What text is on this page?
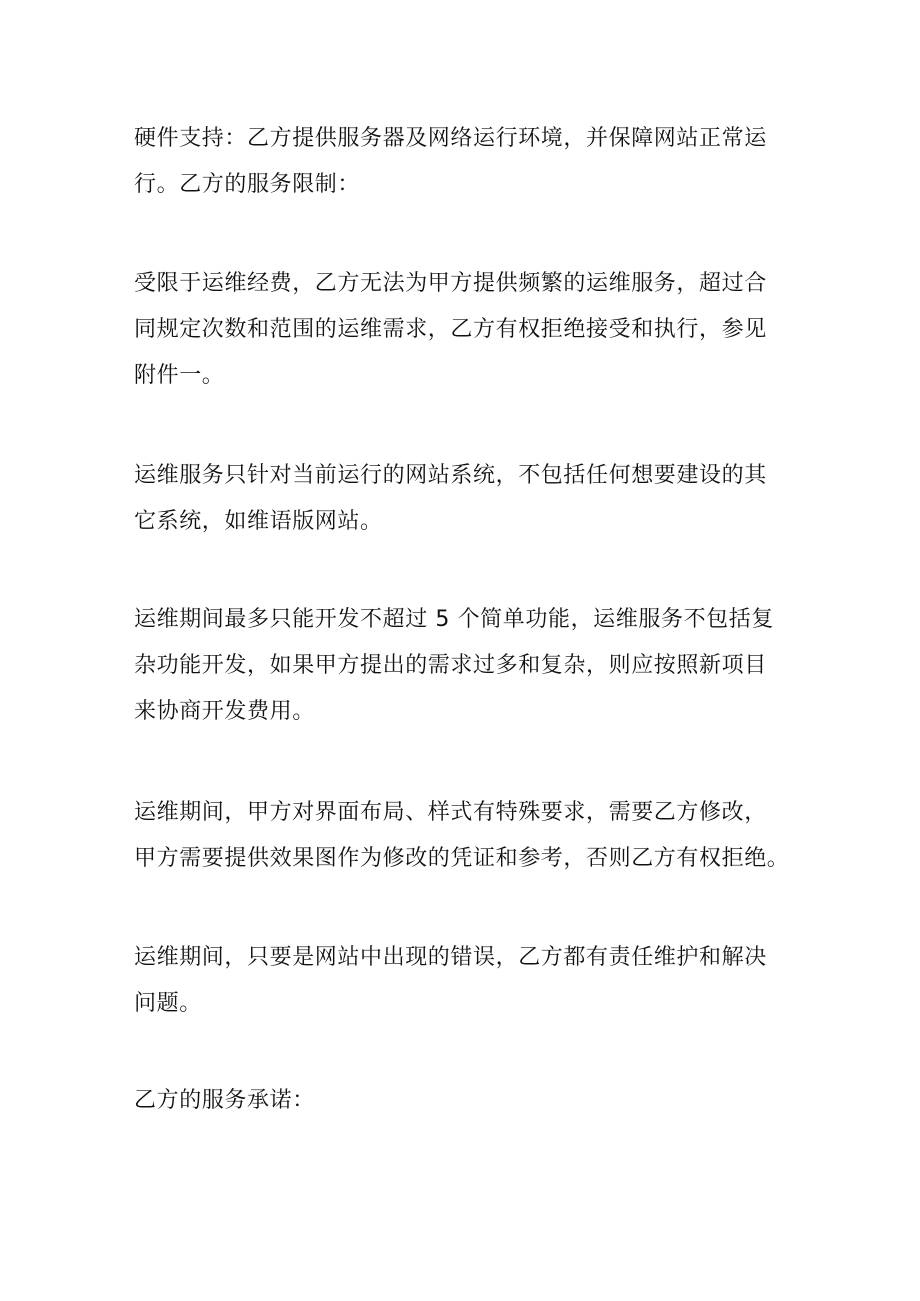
硬件支持：乙方提供服务器及网络运行环境，并保障网站正常运
行。乙方的服务限制：

受限于运维经费，乙方无法为甲方提供频繁的运维服务，超过合
同规定次数和范围的运维需求，乙方有权拒绝接受和执行，参见
附件一。

运维服务只针对当前运行的网站系统，不包括任何想要建设的其
它系统，如维语版网站。

运维期间最多只能开发不超过 5 个简单功能，运维服务不包括复
杂功能开发，如果甲方提出的需求过多和复杂，则应按照新项目
来协商开发费用。

运维期间，甲方对界面布局、样式有特殊要求，需要乙方修改，
甲方需要提供效果图作为修改的凭证和参考，否则乙方有权拒绝。

运维期间，只要是网站中出现的错误，乙方都有责任维护和解决
问题。

乙方的服务承诺：
